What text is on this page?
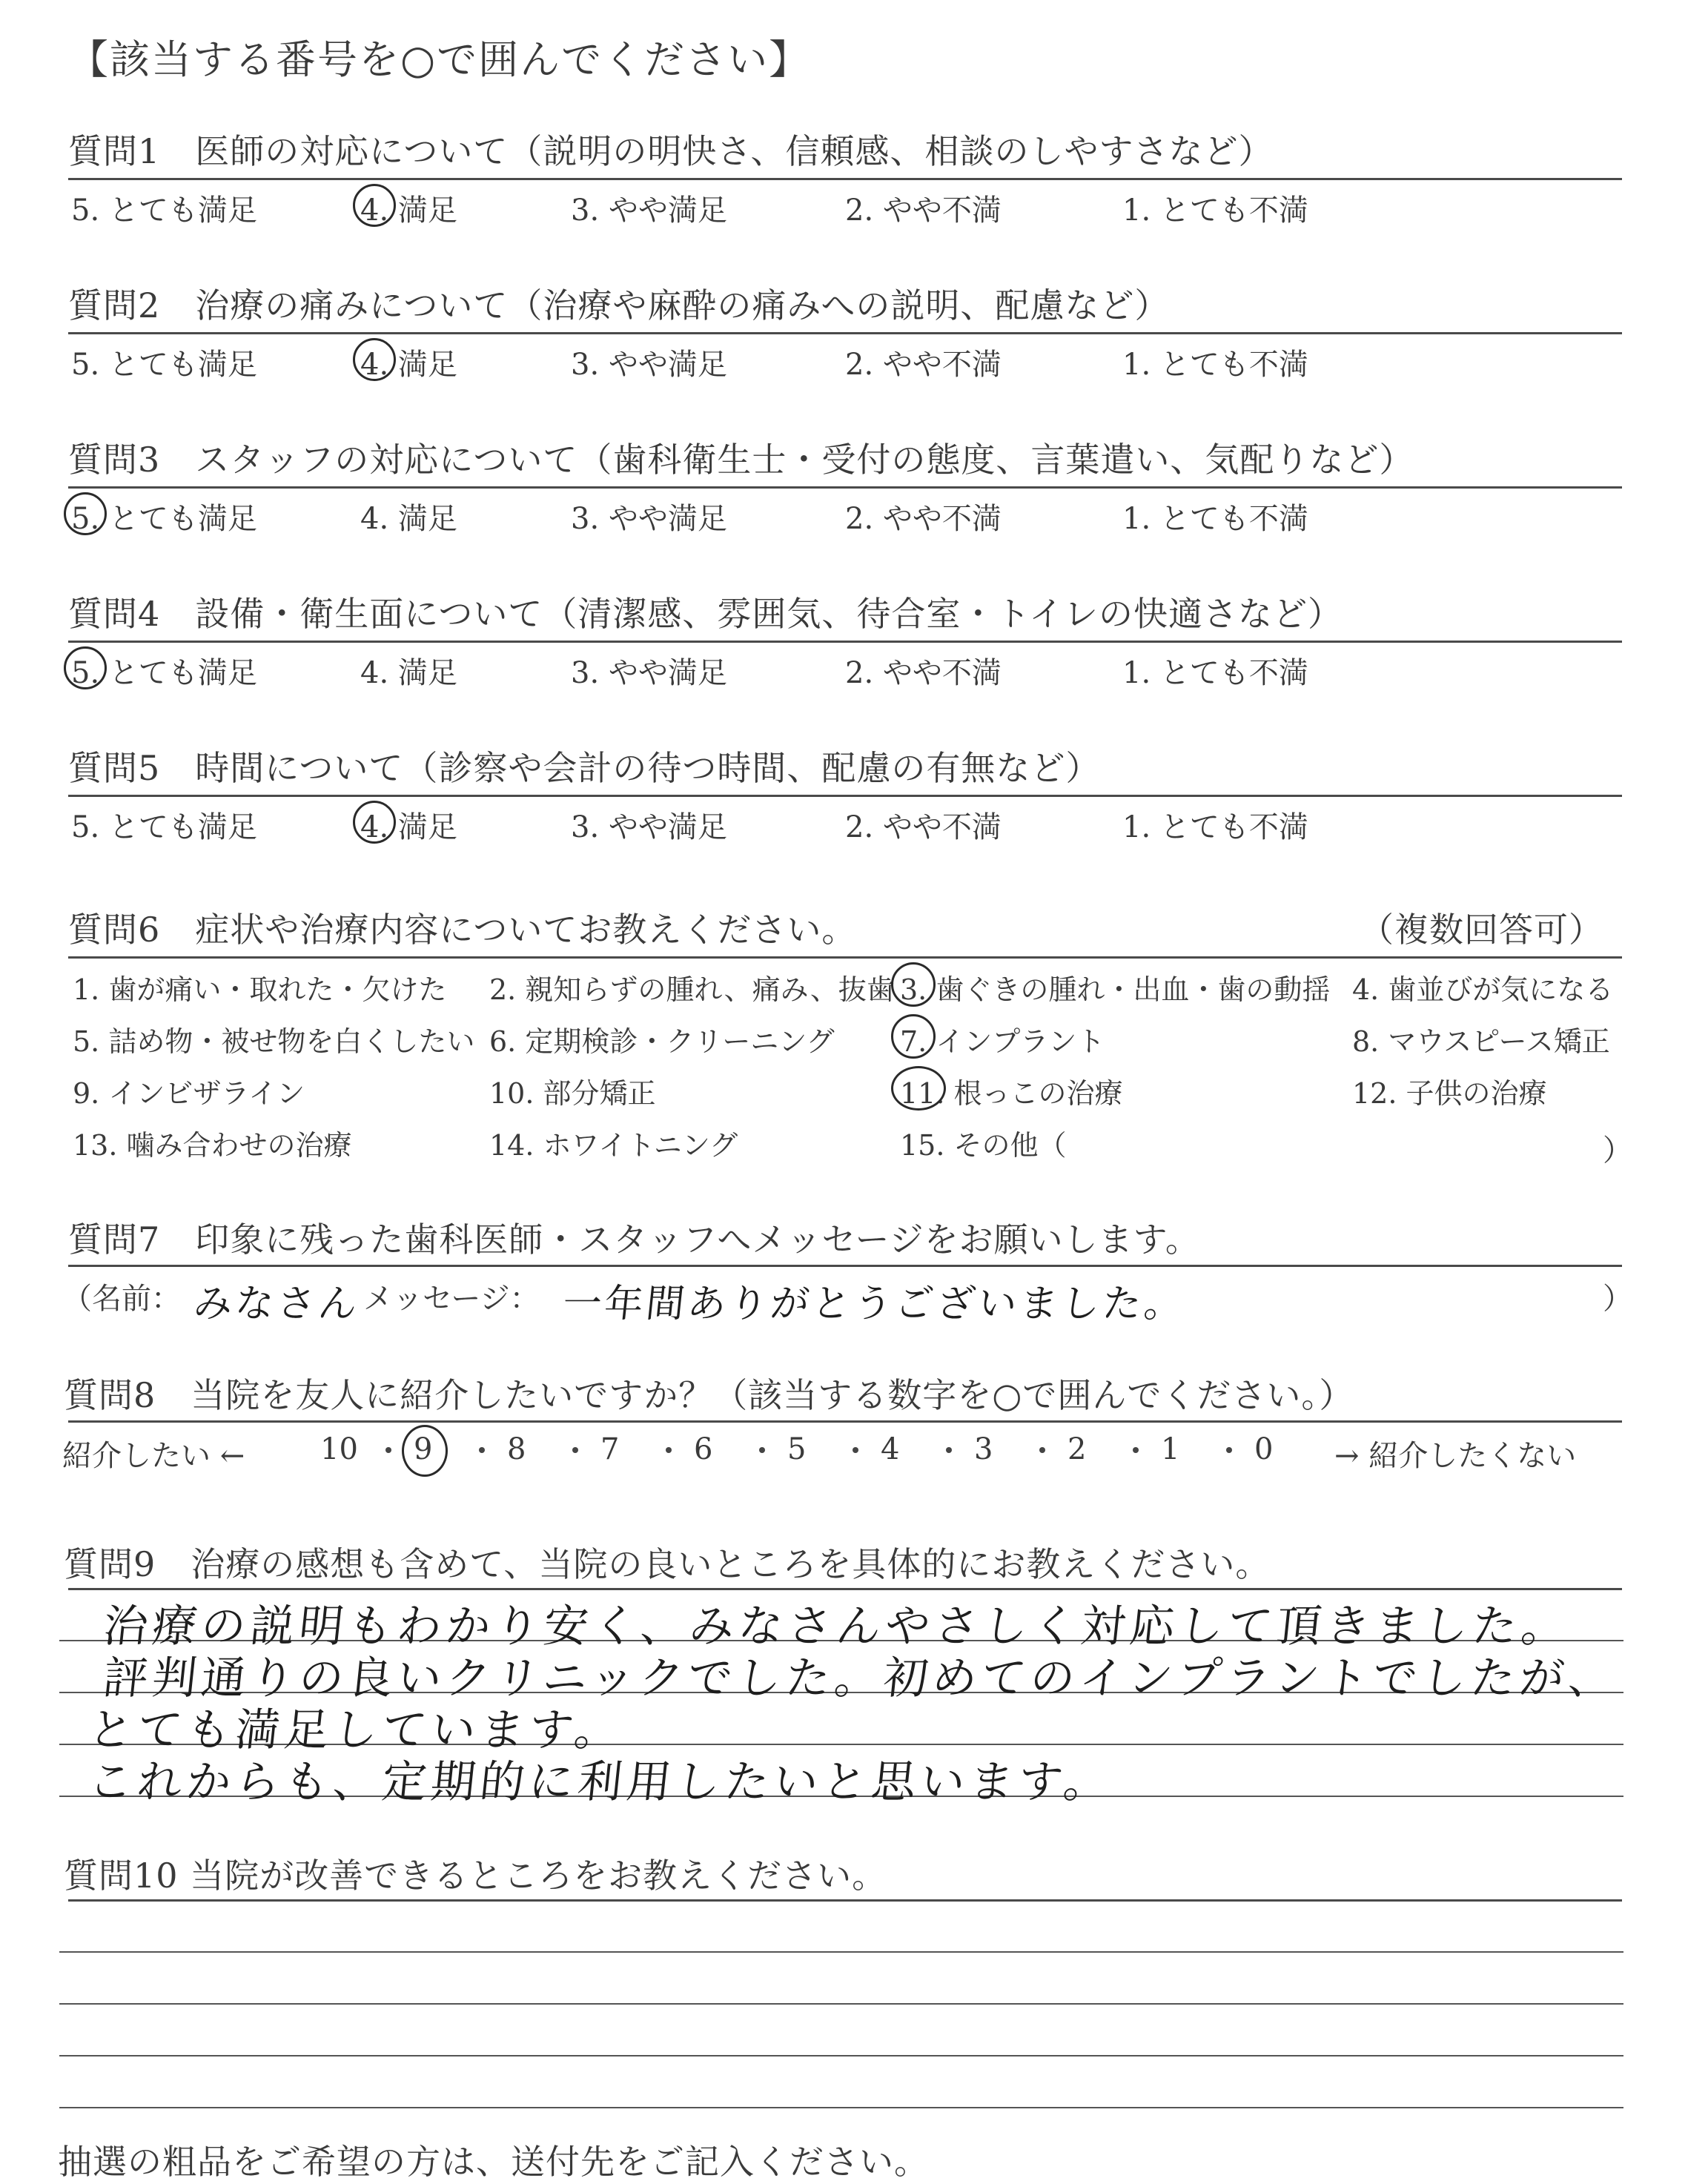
【該当する番号を○で囲んでください】
質問1　医師の対応について（説明の明快さ、信頼感、相談のしやすさなど）
5. とても満足	4. 満足	3. やや満足	2. やや不満	1. とても不満
質問2　治療の痛みについて（治療や麻酔の痛みへの説明、配慮など）
5. とても満足	4. 満足	3. やや満足	2. やや不満	1. とても不満
質問3　スタッフの対応について（歯科衛生士・受付の態度、言葉遣い、気配りなど）
5. とても満足	4. 満足	3. やや満足	2. やや不満	1. とても不満
質問4　設備・衛生面について（清潔感、雰囲気、待合室・トイレの快適さなど）
5. とても満足	4. 満足	3. やや満足	2. やや不満	1. とても不満
質問5　時間について（診察や会計の待つ時間、配慮の有無など）
5. とても満足	4. 満足	3. やや満足	2. やや不満	1. とても不満
質問6　症状や治療内容についてお教えください。	（複数回答可）
1. 歯が痛い・取れた・欠けた 2. 親知らずの腫れ、痛み、抜歯 3. 歯ぐきの腫れ・出血・歯の動揺 4. 歯並びが気になる
5. 詰め物・被せ物を白くしたい 6. 定期検診・クリーニング 7. インプラント	8. マウスピース矯正
9. インビザライン	10. 部分矯正	11. 根っこの治療	12. 子供の治療
13. 噛み合わせの治療	14. ホワイトニング	15. その他（	）
質問7　印象に残った歯科医師・スタッフへメッセージをお願いします。
（名前： みなさん メッセージ： 一年間ありがとうございました。	）
質問8　当院を友人に紹介したいですか？（該当する数字を○で囲んでください。）
紹介したい ←	10 9	8	7	6	5	4	3	2	1	0 → 紹介したくない
質問9　治療の感想も含めて、当院の良いところを具体的にお教えください。
治療の説明もわかり安く、みなさんやさしく対応して頂きました。
評判通りの良いクリニックでした。初めてのインプラントでしたが、
とても満足しています。
これからも、定期的に利用したいと思います。
質問10 当院が改善できるところをお教えください。
抽選の粗品をご希望の方は、送付先をご記入ください。
